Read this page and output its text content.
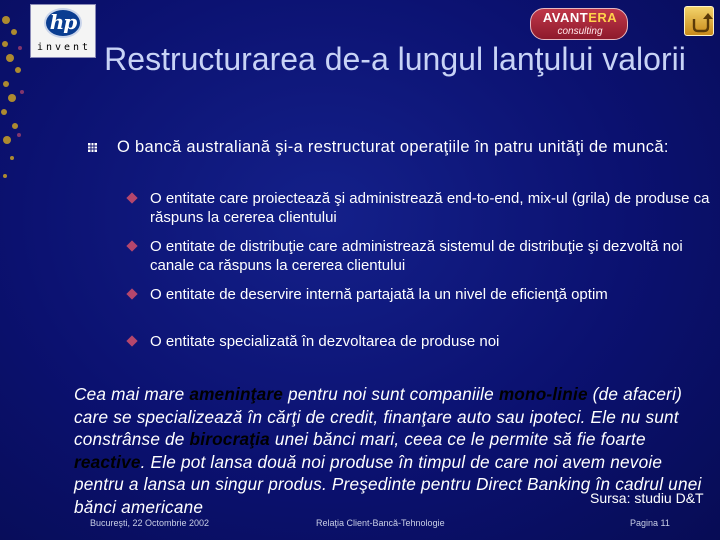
hp
invent
AVANTERA
consulting
Restructurarea de-a lungul lanţului valorii
O bancă australiană şi-a restructurat operaţiile în patru unităţi de muncă:
O entitate care proiectează şi administrează end-to-end, mix-ul (grila) de produse ca răspuns la cererea clientului
O entitate de distribuţie care administrează sistemul de distribuţie şi dezvoltă noi canale ca răspuns la cererea clientului
O entitate de deservire internă partajată la un nivel de eficienţă optim
O entitate specializată în dezvoltarea de produse noi
Cea mai mare ameninţare pentru noi sunt companiile mono-linie (de afaceri) care se specializează în cărţi de credit, finanţare auto sau ipoteci. Ele nu sunt constrânse de birocraţia unei bănci mari, ceea ce le permite să fie foarte reactive. Ele pot lansa două noi produse în timpul de care noi avem nevoie pentru a lansa un singur produs. Preşedinte pentru Direct Banking în cadrul unei bănci americane	Sursa: studiu D&T
Bucureşti, 22 Octombrie 2002	Relaţia Client-Bancă-Tehnologie	Pagina 11
